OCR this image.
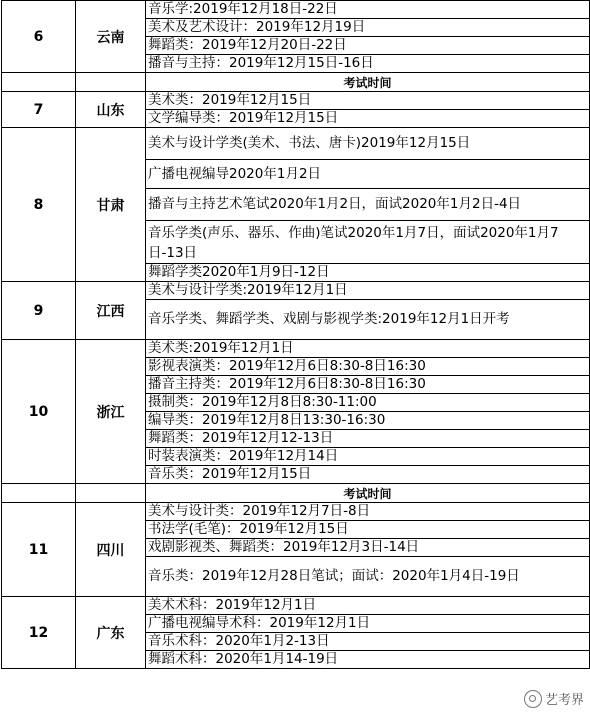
6	云南	音乐学:2019年12月18日-22日
		美术及艺术设计：2019年12月19日
		舞蹈类：2019年12月20日-22日
		播音与主持：2019年12月15日-16日
		考试时间
7	山东	美术类：2019年12月15日
		文学编导类：2019年12月15日
8	甘肃	美术与设计学类(美术、书法、唐卡)2019年12月15日
		广播电视编导2020年1月2日
		播音与主持艺术笔试2020年1月2日，面试2020年1月2日-4日
		音乐学类(声乐、器乐、作曲)笔试2020年1月7日，面试2020年1月7日-13日
		舞蹈学类2020年1月9日-12日
9	江西	美术与设计学类:2019年12月1日
		音乐学类、舞蹈学类、戏剧与影视学类:2019年12月1日开考
10	浙江	美术类:2019年12月1日
		影视表演类：2019年12月6日8:30-8日16:30
		播音主持类：2019年12月6日8:30-8日16:30
		摄制类：2019年12月8日8:30-11:00
		编导类：2019年12月8日13:30-16:30
		舞蹈类：2019年12月12-13日
		时装表演类：2019年12月14日
		音乐类：2019年12月15日
		考试时间
11	四川	美术与设计类：2019年12月7日-8日
		书法学(毛笔)：2019年12月15日
		戏剧影视类、舞蹈类：2019年12月3日-14日
		音乐类：2019年12月28日笔试；面试：2020年1月4日-19日
12	广东	美术术科：2019年12月1日
		广播电视编导术科：2019年12月1日
		音乐术科：2020年1月2-13日
		舞蹈术科：2020年1月14-19日
艺考界
